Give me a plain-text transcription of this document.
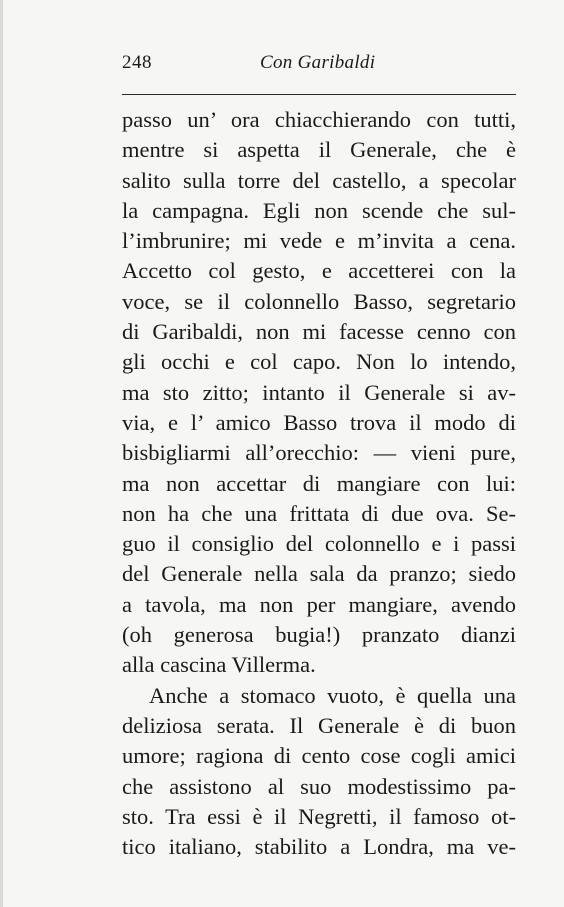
248	Con Garibaldi
passo un’ ora chiacchierando con tutti,
mentre si aspetta il Generale, che è
salito sulla torre del castello, a specolar
la campagna. Egli non scende che sul-
l’imbrunire; mi vede e m’invita a cena.
Accetto col gesto, e accetterei con la
voce, se il colonnello Basso, segretario
di Garibaldi, non mi facesse cenno con
gli occhi e col capo. Non lo intendo,
ma sto zitto; intanto il Generale si av-
via, e l’ amico Basso trova il modo di
bisbigliarmi all’orecchio: — vieni pure,
ma non accettar di mangiare con lui:
non ha che una frittata di due ova. Se-
guo il consiglio del colonnello e i passi
del Generale nella sala da pranzo; siedo
a tavola, ma non per mangiare, avendo
(oh generosa bugia!) pranzato dianzi
alla cascina Villerma.
Anche a stomaco vuoto, è quella una
deliziosa serata. Il Generale è di buon
umore; ragiona di cento cose cogli amici
che assistono al suo modestissimo pa-
sto. Tra essi è il Negretti, il famoso ot-
tico italiano, stabilito a Londra, ma ve-
